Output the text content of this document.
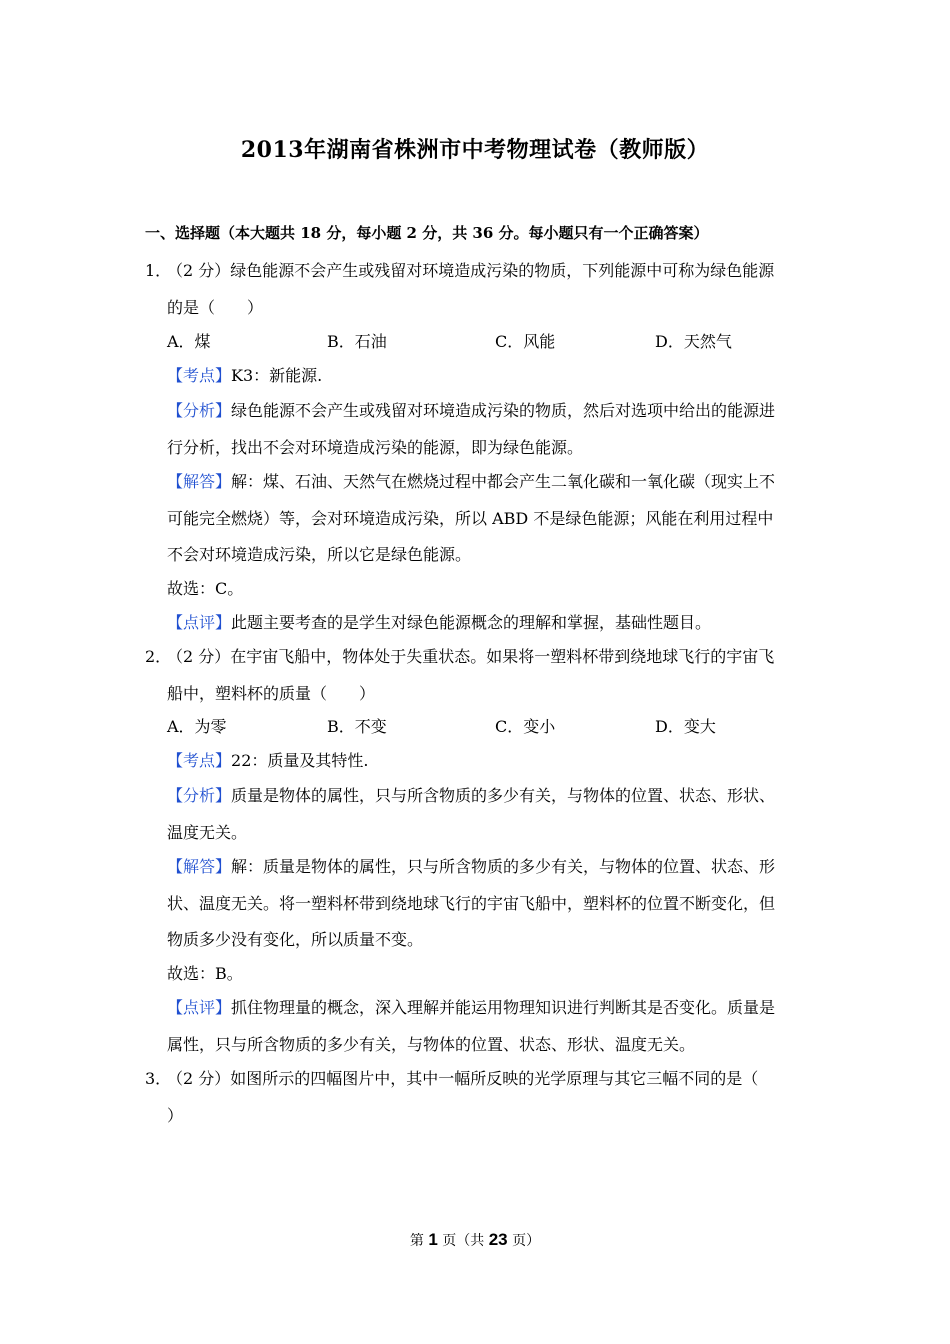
2013年湖南省株洲市中考物理试卷（教师版）
一、选择题（本大题共 18 分，每小题 2 分，共 36 分。每小题只有一个正确答案）
1．
（2 分）绿色能源不会产生或残留对环境造成污染的物质，下列能源中可称为绿色能源
的是（　　）
A．煤	B．石油	C．风能	D．天然气
【考点】K3：新能源.
【分析】绿色能源不会产生或残留对环境造成污染的物质，然后对选项中给出的能源进
行分析，找出不会对环境造成污染的能源，即为绿色能源。
【解答】解：煤、石油、天然气在燃烧过程中都会产生二氧化碳和一氧化碳（现实上不
可能完全燃烧）等，会对环境造成污染，所以 ABD 不是绿色能源；风能在利用过程中
不会对环境造成污染，所以它是绿色能源。
故选：C。
【点评】此题主要考查的是学生对绿色能源概念的理解和掌握，基础性题目。
2．
（2 分）在宇宙飞船中，物体处于失重状态。如果将一塑料杯带到绕地球飞行的宇宙飞
船中，塑料杯的质量（　　）
A．为零	B．不变	C．变小	D．变大
【考点】22：质量及其特性.
【分析】质量是物体的属性，只与所含物质的多少有关，与物体的位置、状态、形状、
温度无关。
【解答】解：质量是物体的属性，只与所含物质的多少有关，与物体的位置、状态、形
状、温度无关。将一塑料杯带到绕地球飞行的宇宙飞船中，塑料杯的位置不断变化，但
物质多少没有变化，所以质量不变。
故选：B。
【点评】抓住物理量的概念，深入理解并能运用物理知识进行判断其是否变化。质量是
属性，只与所含物质的多少有关，与物体的位置、状态、形状、温度无关。
3．
（2 分）如图所示的四幅图片中，其中一幅所反映的光学原理与其它三幅不同的是（
）
第 1 页（共 23 页）
